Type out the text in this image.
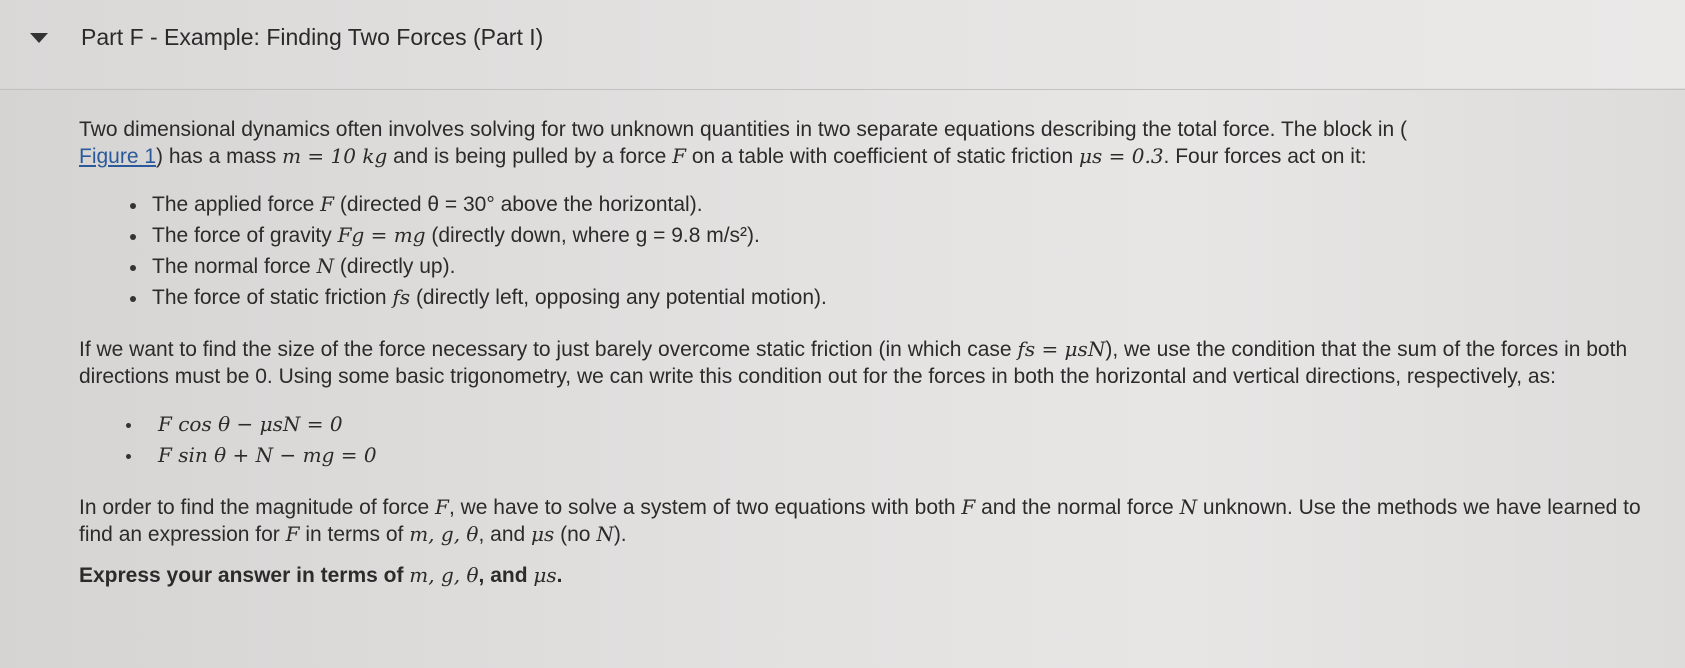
Part F - Example: Finding Two Forces (Part I)

Two dimensional dynamics often involves solving for two unknown quantities in two separate equations describing the total force. The block in (
Figure 1) has a mass m = 10 kg and is being pulled by a force F on a table with coefficient of static friction μs = 0.3. Four forces act on it:

The applied force F (directed θ = 30° above the horizontal).
The force of gravity Fg = mg (directly down, where g = 9.8 m/s²).
The normal force N (directly up).
The force of static friction fs (directly left, opposing any potential motion).

If we want to find the size of the force necessary to just barely overcome static friction (in which case fs = μsN), we use the condition that the sum of the forces in both directions must be 0. Using some basic trigonometry, we can write this condition out for the forces in both the horizontal and vertical directions, respectively, as:

F cos θ − μsN = 0
F sin θ + N − mg = 0

In order to find the magnitude of force F, we have to solve a system of two equations with both F and the normal force N unknown. Use the methods we have learned to find an expression for F in terms of m, g, θ, and μs (no N).

Express your answer in terms of m, g, θ, and μs.
